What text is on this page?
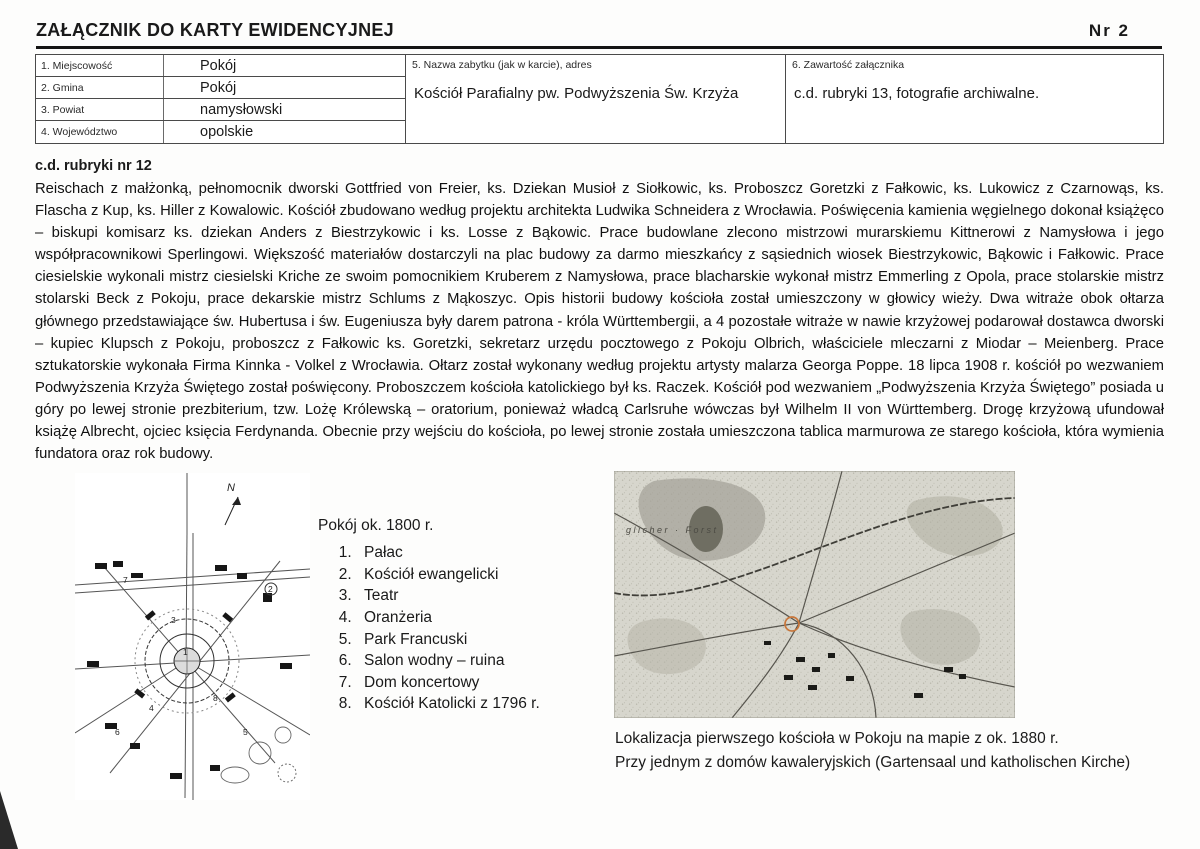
ZAŁĄCZNIK DO KARTY EWIDENCYJNEJ	Nr 2
1. Miejscowość	Pokój
2. Gmina	Pokój
3. Powiat	namysłowski
4. Województwo	opolskie
5. Nazwa zabytku (jak w karcie), adres
Kościół Parafialny pw. Podwyższenia Św. Krzyża
6. Zawartość załącznika
c.d. rubryki 13, fotografie archiwalne.
c.d. rubryki nr 12
Reischach z małżonką, pełnomocnik dworski Gottfried von Freier, ks. Dziekan Musioł z Siołkowic, ks. Proboszcz Goretzki z Fałkowic, ks. Lukowicz z Czarnowąs, ks. Flascha z Kup, ks. Hiller z Kowalowic. Kościół zbudowano według projektu architekta Ludwika Schneidera z Wrocławia. Poświęcenia kamienia węgielnego dokonał książęco – biskupi komisarz ks. dziekan Anders z Biestrzykowic i ks. Losse z Bąkowic. Prace budowlane zlecono mistrzowi murarskiemu Kittnerowi z Namysłowa i jego współpracownikowi Sperlingowi. Większość materiałów dostarczyli na plac budowy za darmo mieszkańcy z sąsiednich wiosek Biestrzykowic, Bąkowic i Fałkowic. Prace ciesielskie wykonali mistrz ciesielski Kriche ze swoim pomocnikiem Kruberem z Namysłowa, prace blacharskie wykonał mistrz Emmerling z Opola, prace stolarskie mistrz stolarski Beck z Pokoju, prace dekarskie mistrz Schlums z Mąkoszyc. Opis historii budowy kościoła został umieszczony w głowicy wieży. Dwa witraże obok ołtarza głównego przedstawiające św. Hubertusa i św. Eugeniusza były darem patrona - króla Württembergii, a 4 pozostałe witraże w nawie krzyżowej podarował dostawca dworski – kupiec Klupsch z Pokoju, proboszcz z Fałkowic ks. Goretzki, sekretarz urzędu pocztowego z Pokoju Olbrich, właściciele mleczarni z Miodar – Meienberg. Prace sztukatorskie wykonała Firma Kinnka - Volkel z Wrocławia. Ołtarz został wykonany według projektu artysty malarza Georga Poppe. 18 lipca 1908 r. kościół po wezwaniem Podwyższenia Krzyża Świętego został poświęcony. Proboszczem kościoła katolickiego był ks. Raczek. Kościół pod wezwaniem „Podwyższenia Krzyża Świętego” posiada u góry po lewej stronie prezbiterium, tzw. Lożę Królewską – oratorium, ponieważ władcą Carlsruhe wówczas był Wilhelm II von Württemberg. Drogę krzyżową ufundował książę Albrecht, ojciec księcia Ferdynanda. Obecnie przy wejściu do kościoła, po lewej stronie została umieszczona tablica marmurowa ze starego kościoła, która wymienia fundatora oraz rok budowy.
N
1
2
3
4
5
6
7
8
Pokój ok. 1800 r.
1. Pałac
2. Kościół ewangelicki
3. Teatr
4. Oranżeria
5. Park Francuski
6. Salon wodny – ruina
7. Dom koncertowy
8. Kościół Katolicki z 1796 r.
glicher · Forst
Lokalizacja pierwszego kościoła w Pokoju na mapie z ok. 1880 r.
Przy jednym z domów kawaleryjskich (Gartensaal und katholischen Kirche)
